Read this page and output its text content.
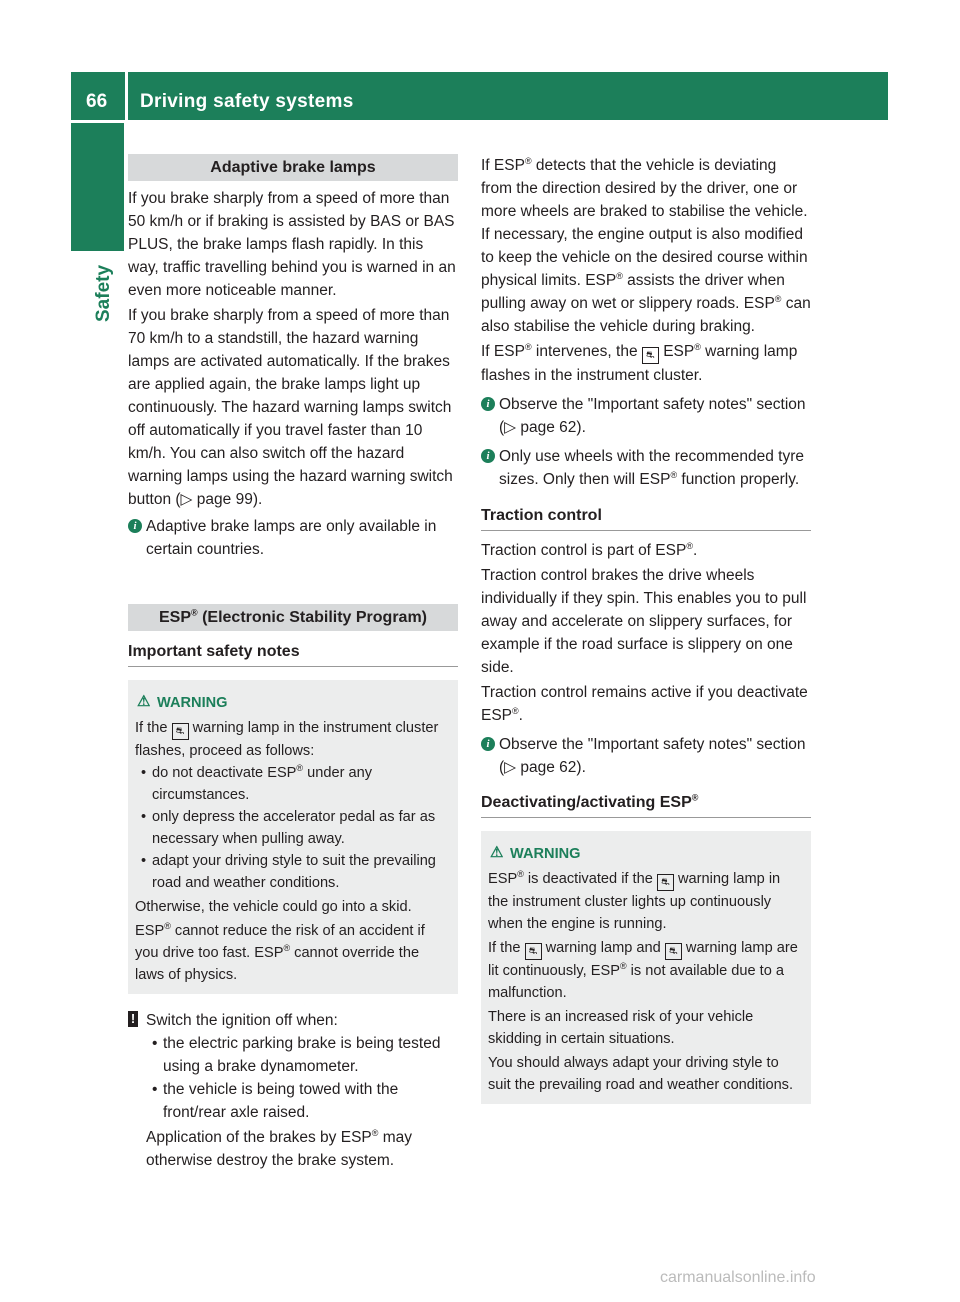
66 Driving safety systems
Safety
Adaptive brake lamps

If you brake sharply from a speed of more than 50 km/h or if braking is assisted by BAS or BAS PLUS, the brake lamps flash rapidly. In this way, traffic travelling behind you is warned in an even more noticeable manner.

If you brake sharply from a speed of more than 70 km/h to a standstill, the hazard warning lamps are activated automatically. If the brakes are applied again, the brake lamps light up continuously. The hazard warning lamps switch off automatically if you travel faster than 10 km/h. You can also switch off the hazard warning lamps using the hazard warning switch button (▷ page 99).

i Adaptive brake lamps are only available in certain countries.
ESP® (Electronic Stability Program)
Important safety notes
⚠ WARNING
If the ⛐ warning lamp in the instrument cluster flashes, proceed as follows:
• do not deactivate ESP® under any circumstances.
• only depress the accelerator pedal as far as necessary when pulling away.
• adapt your driving style to suit the prevailing road and weather conditions.
Otherwise, the vehicle could go into a skid.
ESP® cannot reduce the risk of an accident if you drive too fast. ESP® cannot override the laws of physics.
! Switch the ignition off when:
• the electric parking brake is being tested using a brake dynamometer.
• the vehicle is being towed with the front/rear axle raised.
Application of the brakes by ESP® may otherwise destroy the brake system.

If ESP® detects that the vehicle is deviating from the direction desired by the driver, one or more wheels are braked to stabilise the vehicle. If necessary, the engine output is also modified to keep the vehicle on the desired course within physical limits. ESP® assists the driver when pulling away on wet or slippery roads. ESP® can also stabilise the vehicle during braking.

If ESP® intervenes, the ⛐ ESP® warning lamp flashes in the instrument cluster.

i Observe the "Important safety notes" section (▷ page 62).
i Only use wheels with the recommended tyre sizes. Only then will ESP® function properly.
Traction control

Traction control is part of ESP®.

Traction control brakes the drive wheels individually if they spin. This enables you to pull away and accelerate on slippery surfaces, for example if the road surface is slippery on one side.

Traction control remains active if you deactivate ESP®.

i Observe the "Important safety notes" section (▷ page 62).
Deactivating/activating ESP®
⚠ WARNING
ESP® is deactivated if the ⛐ warning lamp in the instrument cluster lights up continuously when the engine is running.
If the ⛐ warning lamp and ⛐ warning lamp are lit continuously, ESP® is not available due to a malfunction.
There is an increased risk of your vehicle skidding in certain situations.
You should always adapt your driving style to suit the prevailing road and weather conditions.
carmanualsonline.info
